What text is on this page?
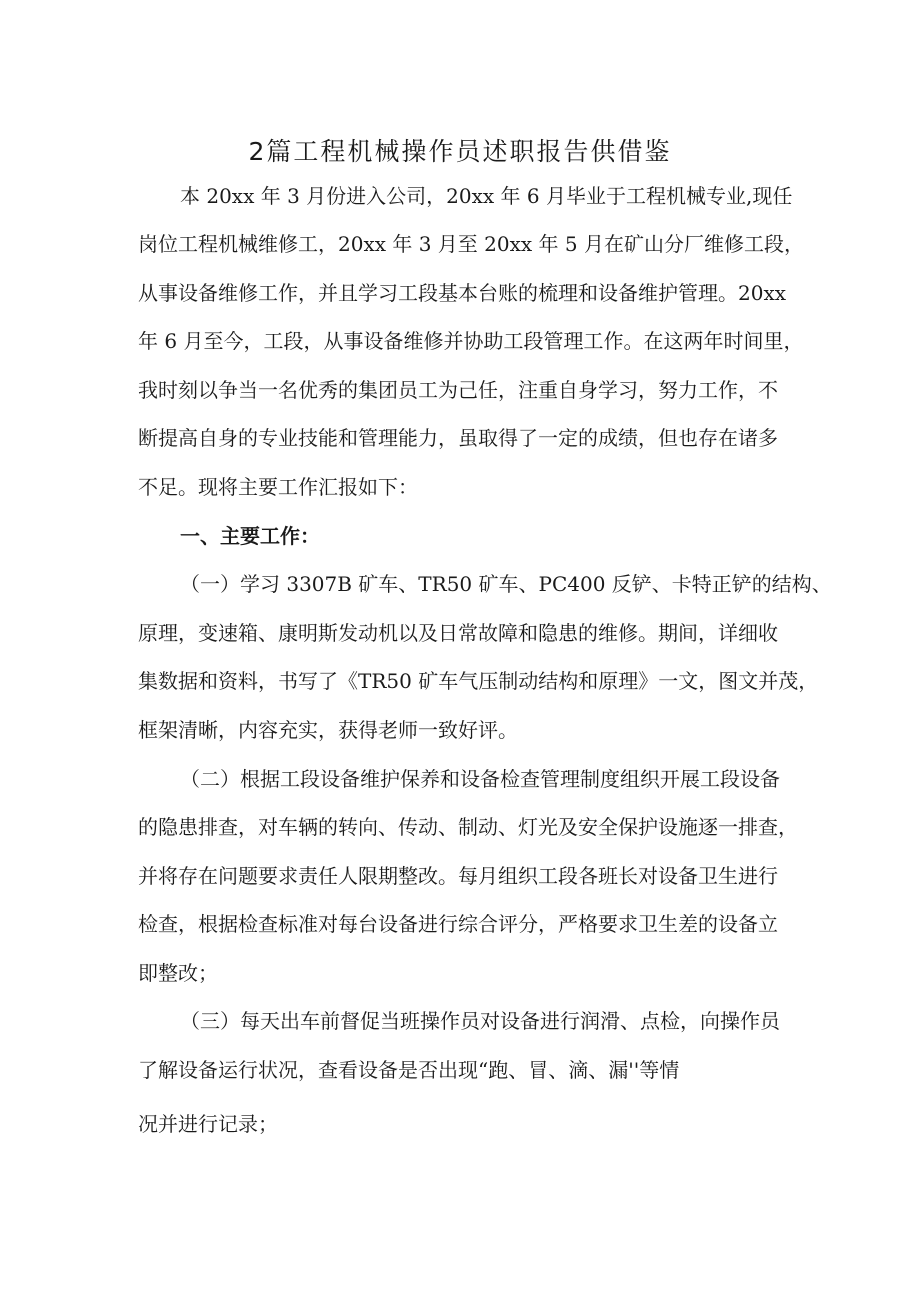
2篇工程机械操作员述职报告供借鉴

本 20xx 年 3 月份进入公司，20xx 年 6 月毕业于工程机械专业,现任

岗位工程机械维修工，20xx 年 3 月至 20xx 年 5 月在矿山分厂维修工段，

从事设备维修工作，并且学习工段基本台账的梳理和设备维护管理。20xx

年 6 月至今，工段，从事设备维修并协助工段管理工作。在这两年时间里，

我时刻以争当一名优秀的集团员工为己任，注重自身学习，努力工作，不

断提高自身的专业技能和管理能力，虽取得了一定的成绩，但也存在诸多

不足。现将主要工作汇报如下：

一、主要工作：

（一）学习 3307B 矿车、TR50 矿车、PC400 反铲、卡特正铲的结构、

原理，变速箱、康明斯发动机以及日常故障和隐患的维修。期间，详细收

集数据和资料，书写了《TR50 矿车气压制动结构和原理》一文，图文并茂，

框架清晰，内容充实，获得老师一致好评。

（二）根据工段设备维护保养和设备检查管理制度组织开展工段设备

的隐患排查，对车辆的转向、传动、制动、灯光及安全保护设施逐一排查，

并将存在问题要求责任人限期整改。每月组织工段各班长对设备卫生进行

检查，根据检查标准对每台设备进行综合评分，严格要求卫生差的设备立

即整改；

（三）每天出车前督促当班操作员对设备进行润滑、点检，向操作员

了解设备运行状况，查看设备是否出现“跑、冒、滴、漏''等情

况并进行记录；
